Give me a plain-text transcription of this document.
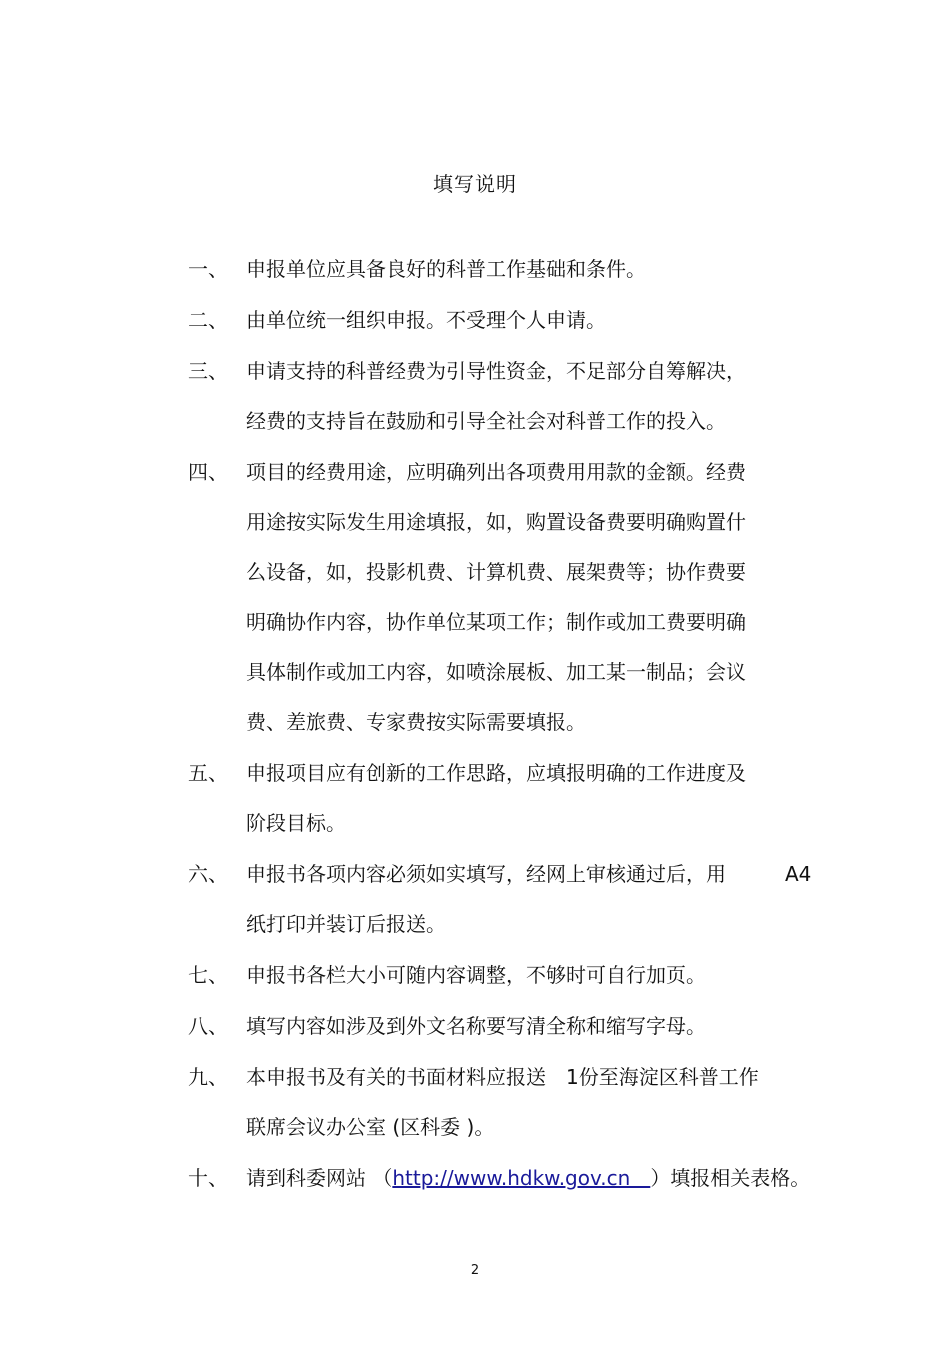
填写说明
一、 申报单位应具备良好的科普工作基础和条件。
二、 由单位统一组织申报。不受理个人申请。
三、 申请支持的科普经费为引导性资金，不足部分自筹解决，
经费的支持旨在鼓励和引导全社会对科普工作的投入。
四、 项目的经费用途，应明确列出各项费用用款的金额。经费
用途按实际发生用途填报，如，购置设备费要明确购置什
么设备，如，投影机费、计算机费、展架费等；协作费要
明确协作内容，协作单位某项工作；制作或加工费要明确
具体制作或加工内容，如喷涂展板、加工某一制品；会议
费、差旅费、专家费按实际需要填报。
五、 申报项目应有创新的工作思路，应填报明确的工作进度及
阶段目标。
六、 申报书各项内容必须如实填写，经网上审核通过后，用	A4
纸打印并装订后报送。
七、 申报书各栏大小可随内容调整，不够时可自行加页。
八、 填写内容如涉及到外文名称要写清全称和缩写字母。
九、 本申报书及有关的书面材料应报送　1份至海淀区科普工作
联席会议办公室 (区科委 )。
十、 请到科委网站 （http://www.hdkw.gov.cn　）填报相关表格。
2
